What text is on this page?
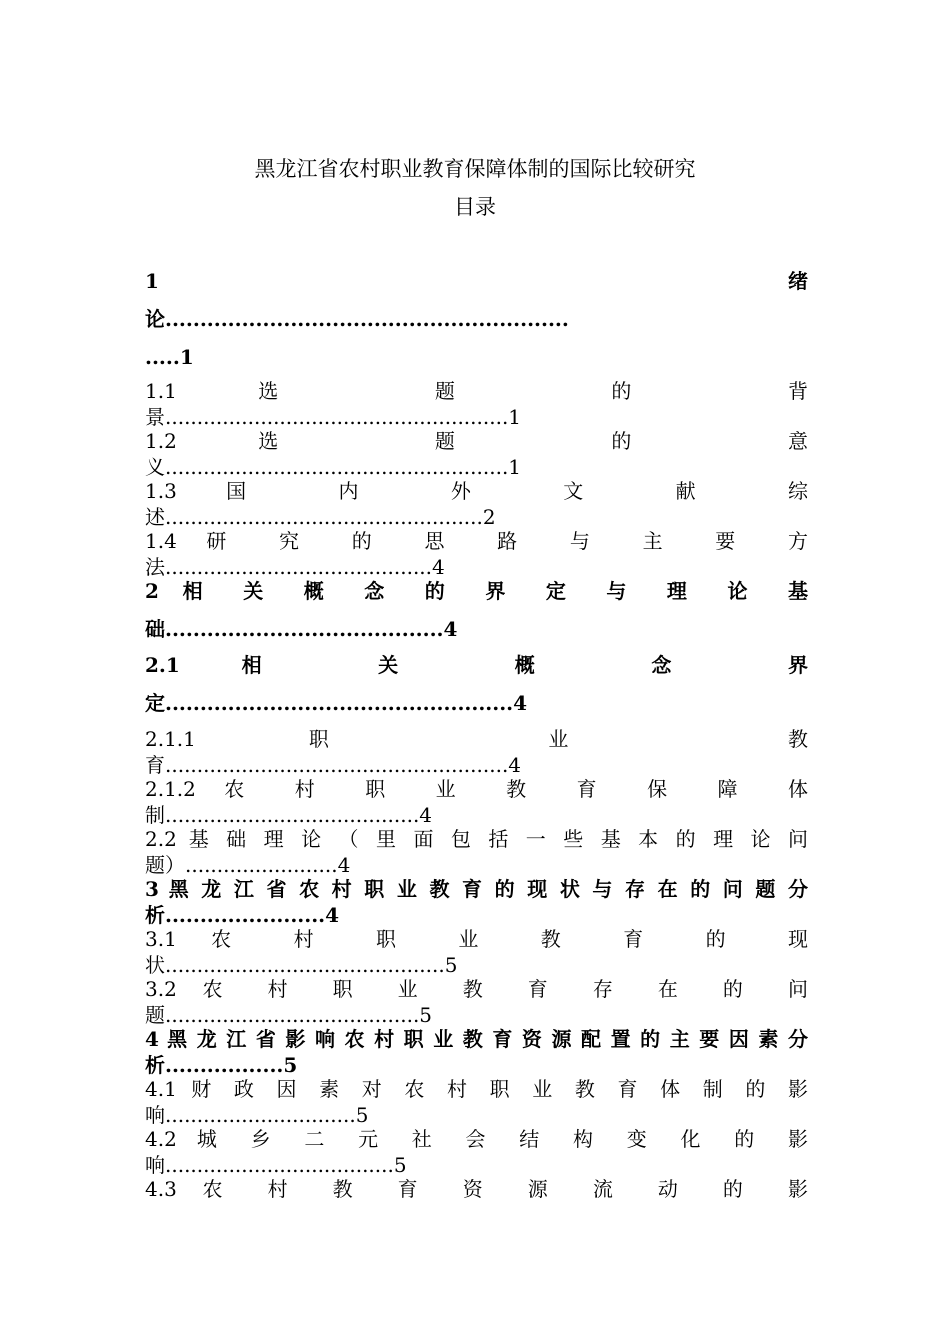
黑龙江省农村职业教育保障体制的国际比较研究
目录
1 绪
论..........................................................
.....1
1.1 选 题 的 背
景......................................................1
1.2 选 题 的 意
义......................................................1
1.3 国 内 外 文 献 综
述..................................................2
1.4 研 究 的 思 路 与 主 要 方
法..........................................4
2 相 关 概 念 的 界 定 与 理 论 基
础........................................4
2.1 相 关 概 念 界
定..................................................4
2.1.1 职 业 教
育......................................................4
2.1.2 农 村 职 业 教 育 保 障 体
制........................................4
2.2 基 础 理 论 （ 里 面 包 括 一 些 基 本 的 理 论 问
题）........................4
3 黑 龙 江 省 农 村 职 业 教 育 的 现 状 与 存 在 的 问 题 分
析.......................4
3.1 农 村 职 业 教 育 的 现
状............................................5
3.2 农 村 职 业 教 育 存 在 的 问
题........................................5
4 黑 龙 江 省 影 响 农 村 职 业 教 育 资 源 配 置 的 主 要 因 素 分
析.................5
4.1 财 政 因 素 对 农 村 职 业 教 育 体 制 的 影
响..............................5
4.2 城 乡 二 元 社 会 结 构 变 化 的 影
响....................................5
4.3 农 村 教 育 资 源 流 动 的 影
